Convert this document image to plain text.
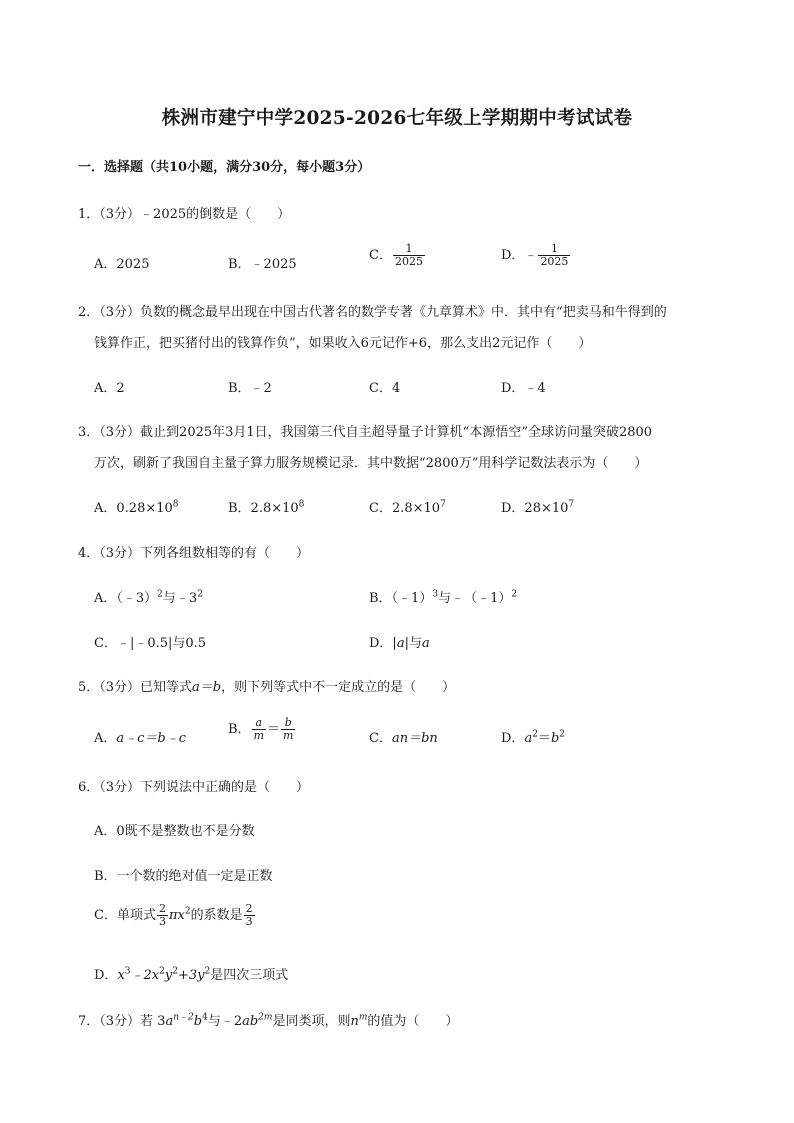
株洲市建宁中学2025-2026七年级上学期期中考试试卷
一．选择题（共10小题，满分30分，每小题3分）
1．（3分）﹣2025的倒数是（　　）
A．2025	B．﹣2025
C． $\frac{1}{2025}$	D．﹣ $\frac{1}{2025}$
2．（3分）负数的概念最早出现在中国古代著名的数学专著《九章算术》中．其中有“把卖马和牛得到的
钱算作正，把买猪付出的钱算作负”，如果收入6元记作+6，那么支出2元记作（　　）
A．2	B．﹣2	C．4	D．﹣4
3．（3分）截止到2025年3月1日，我国第三代自主超导量子计算机“本源悟空”全球访问量突破2800
万次，刷新了我国自主量子算力服务规模记录．其中数据“2800万”用科学记数法表示为（　　）
A．$0.28\times 10^8$	B．$2.8\times 10^8$	C．$2.8\times 10^7$	D．$28\times 10^7$
4．（3分）下列各组数相等的有（　　）
A．（﹣3）$^2$与$﹣3^2$	B．（﹣1）$^3$与﹣（﹣1）$^2$
C．﹣|﹣0.5|与0.5	D．|a|与a
5．（3分）已知等式a＝b，则下列等式中不一定成立的是（　　）
A．a﹣c＝b﹣c
B． $\frac{a}{m} = \frac{b}{m}$	C．an＝bn	D．$a^2=b^2$
6．（3分）下列说法中正确的是（　　）
A．0既不是整数也不是分数
B．一个数的绝对值一定是正数
C．单项式 $\frac{2}{3} \pi x^2$的系数是 $\frac{2}{3}$
D．$x^3﹣2x^2y^2+3y^2$是四次三项式
7．（3分）若 $3a^{n﹣2}b^4$与$﹣2ab^{2m}$是同类项，则$n^m$的值为（　　）
